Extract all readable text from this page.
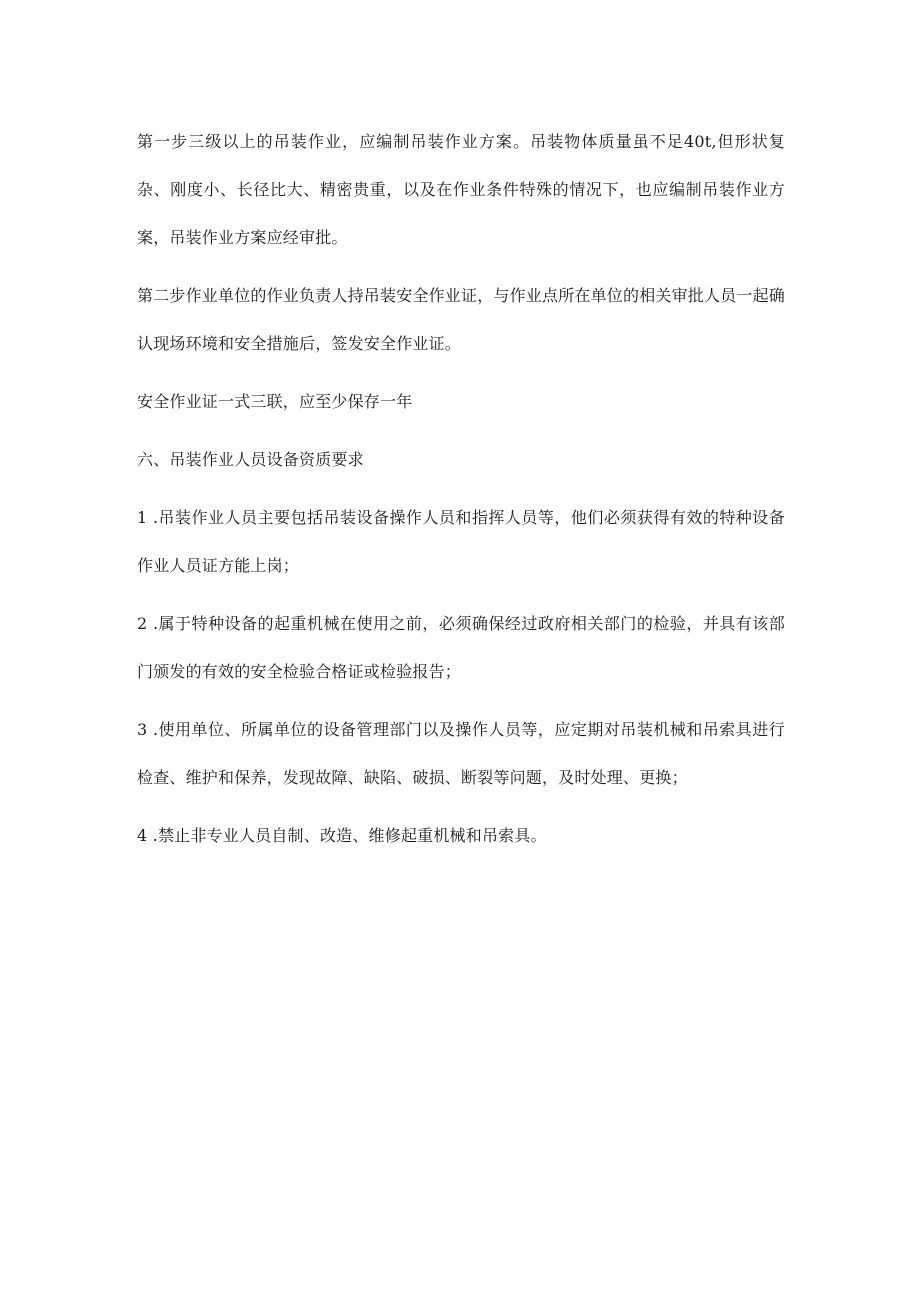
第一步三级以上的吊装作业，应编制吊装作业方案。吊装物体质量虽不足40t,但形状复杂、刚度小、长径比大、精密贵重，以及在作业条件特殊的情况下，也应编制吊装作业方案，吊装作业方案应经审批。

第二步作业单位的作业负责人持吊装安全作业证，与作业点所在单位的相关审批人员一起确认现场环境和安全措施后，签发安全作业证。

安全作业证一式三联，应至少保存一年

六、吊装作业人员设备资质要求

1 .吊装作业人员主要包括吊装设备操作人员和指挥人员等，他们必须获得有效的特种设备作业人员证方能上岗；

2 .属于特种设备的起重机械在使用之前，必须确保经过政府相关部门的检验，并具有该部门颁发的有效的安全检验合格证或检验报告；

3 .使用单位、所属单位的设备管理部门以及操作人员等，应定期对吊装机械和吊索具进行检查、维护和保养，发现故障、缺陷、破损、断裂等问题，及时处理、更换；

4 .禁止非专业人员自制、改造、维修起重机械和吊索具。
